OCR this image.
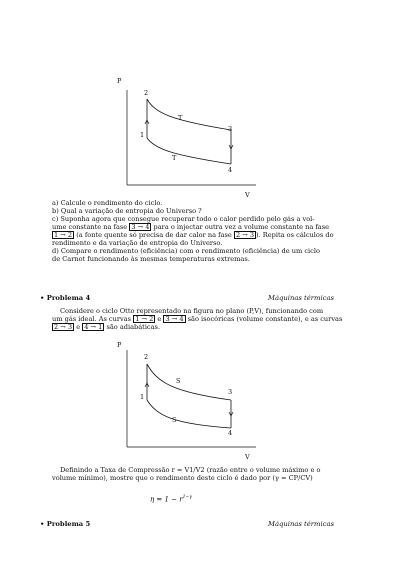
P
V
1
2
3
4
T
T
a) Calcule o rendimento do ciclo.
b) Qual a variação de entropia do Universo ?
c) Suponha agora que consegue recuperar todo o calor perdido pelo gás a vol-
ume constante na fase 3 → 4 para o injectar outra vez a volume constante na fase
1 → 2 (a fonte quente só precisa de dar calor na fase 2 → 3 ). Repita os cálculos do
rendimento e da variação de entropia do Universo.
d) Compare o rendimento (eficiência) com o rendimento (eficiência) de um ciclo
de Carnot funcionando às mesmas temperaturas extremas.
• Problema 4	Máquinas térmicas
Considere o ciclo Otto representado na figura no plano (P,V), funcionando com
um gás ideal. As curvas 1 → 2 e 3 → 4 são isocóricas (volume constante), e as curvas
2 → 3 e 4 → 1 são adiabáticas.
P
V
1
2
3
4
S
S
Definindo a Taxa de Compressão r = V1/V2 (razão entre o volume máximo e o
volume mínimo), mostre que o rendimento deste ciclo é dado por (γ = CP/CV)
$\eta = 1 - r^{1-\gamma}$
• Problema 5	Máquinas térmicas
